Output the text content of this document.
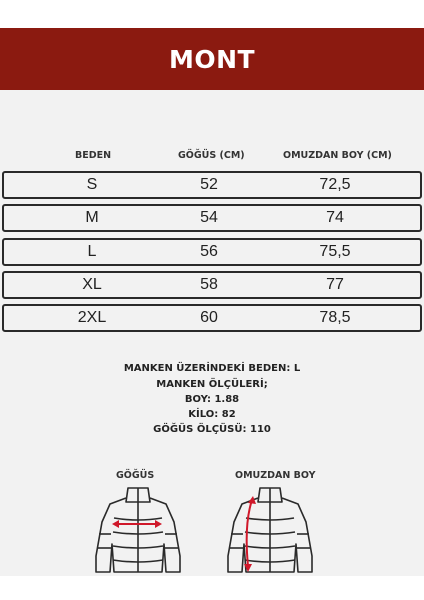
MONT
BEDEN	GÖĞÜS (CM)	OMUZDAN BOY (CM)
S	52	72,5
M	54	74
L	56	75,5
XL	58	77
2XL	60	78,5
MANKEN ÜZERİNDEKİ BEDEN: L
MANKEN ÖLÇÜLERİ;
BOY: 1.88
KİLO: 82
GÖĞÜS ÖLÇÜSÜ: 110
GÖĞÜS	OMUZDAN BOY
